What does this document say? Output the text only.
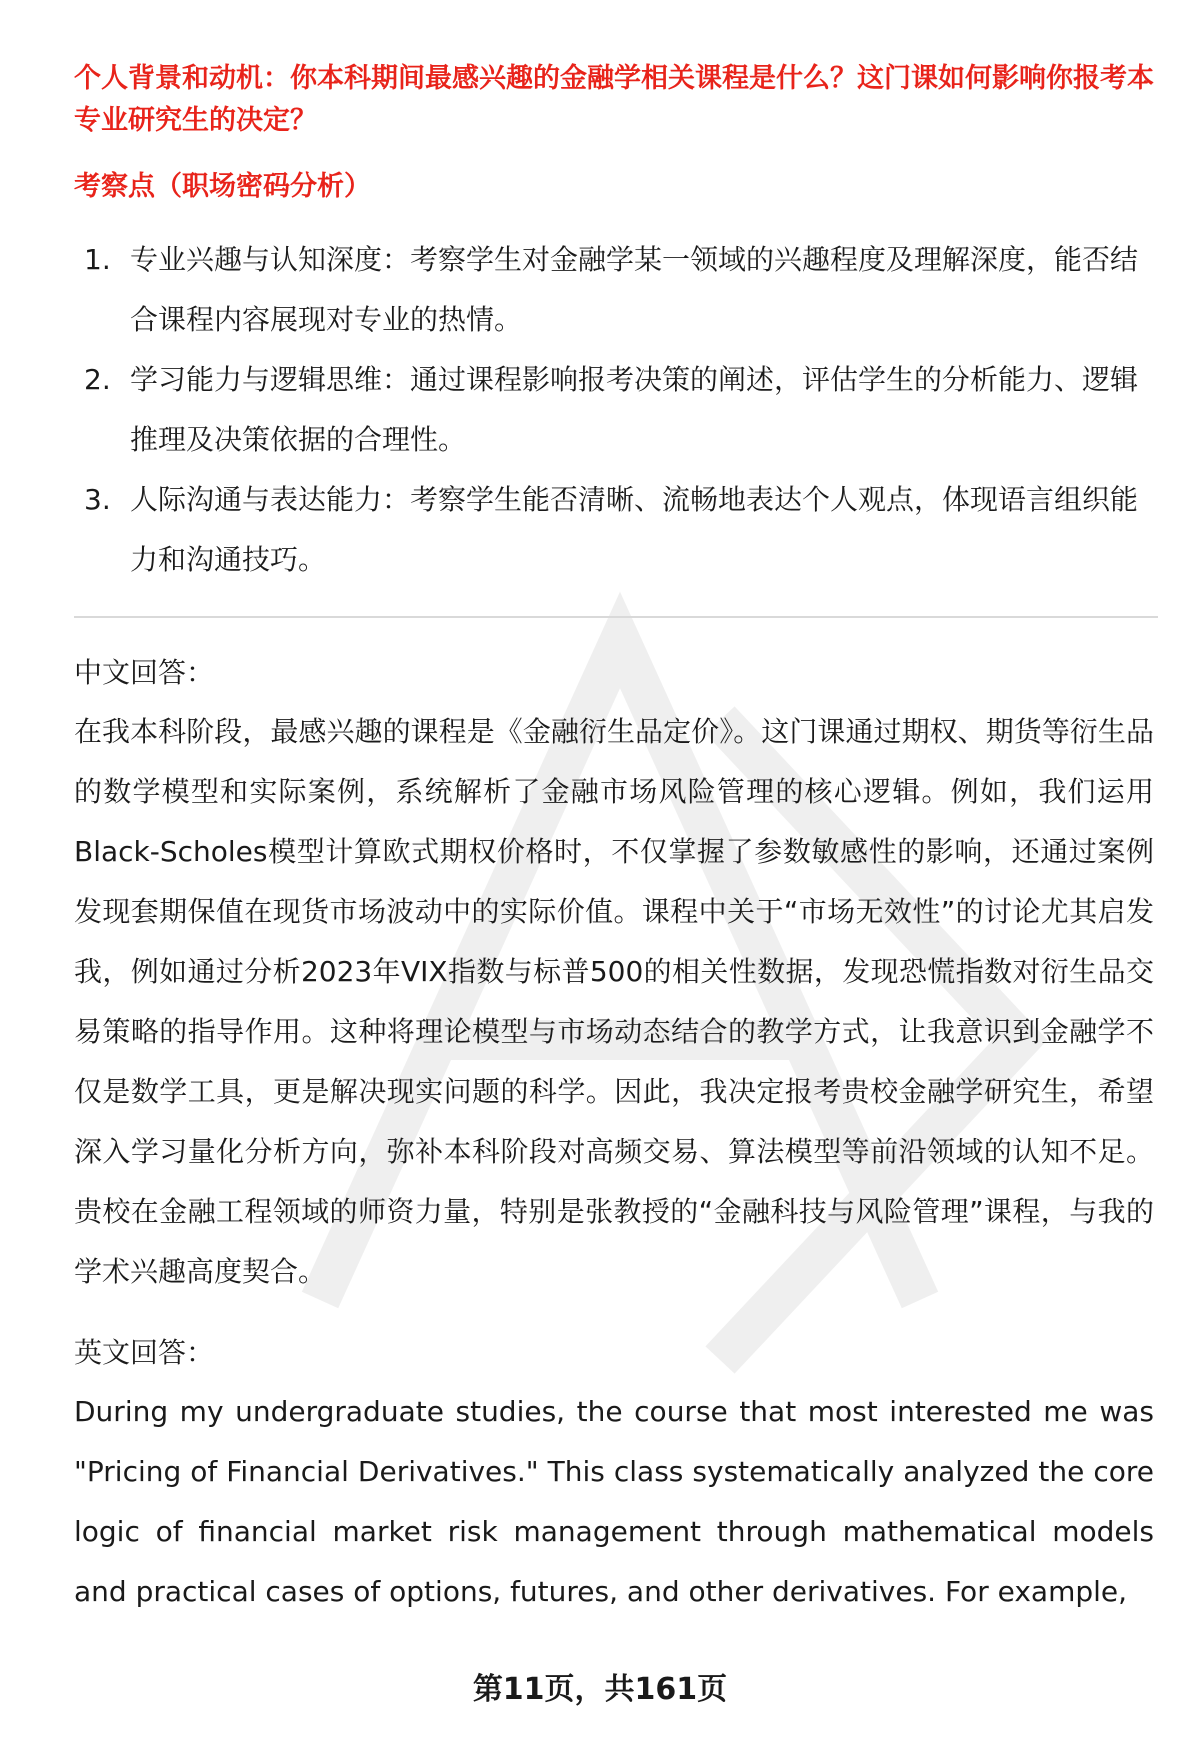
个人背景和动机：你本科期间最感兴趣的金融学相关课程是什么？这门课如何影响你报考本专业研究生的决定？

考察点（职场密码分析）

1. 专业兴趣与认知深度：考察学生对金融学某一领域的兴趣程度及理解深度，能否结合课程内容展现对专业的热情。
2. 学习能力与逻辑思维：通过课程影响报考决策的阐述，评估学生的分析能力、逻辑推理及决策依据的合理性。
3. 人际沟通与表达能力：考察学生能否清晰、流畅地表达个人观点，体现语言组织能力和沟通技巧。

中文回答：

在我本科阶段，最感兴趣的课程是《金融衍生品定价》。这门课通过期权、期货等衍生品的数学模型和实际案例，系统解析了金融市场风险管理的核心逻辑。例如，我们运用Black-Scholes模型计算欧式期权价格时，不仅掌握了参数敏感性的影响，还通过案例发现套期保值在现货市场波动中的实际价值。课程中关于“市场无效性”的讨论尤其启发我，例如通过分析2023年VIX指数与标普500的相关性数据，发现恐慌指数对衍生品交易策略的指导作用。这种将理论模型与市场动态结合的教学方式，让我意识到金融学不仅是数学工具，更是解决现实问题的科学。因此，我决定报考贵校金融学研究生，希望深入学习量化分析方向，弥补本科阶段对高频交易、算法模型等前沿领域的认知不足。贵校在金融工程领域的师资力量，特别是张教授的“金融科技与风险管理”课程，与我的学术兴趣高度契合。

英文回答：

During my undergraduate studies, the course that most interested me was "Pricing of Financial Derivatives." This class systematically analyzed the core logic of financial market risk management through mathematical models and practical cases of options, futures, and other derivatives. For example,

第11页，共161页
